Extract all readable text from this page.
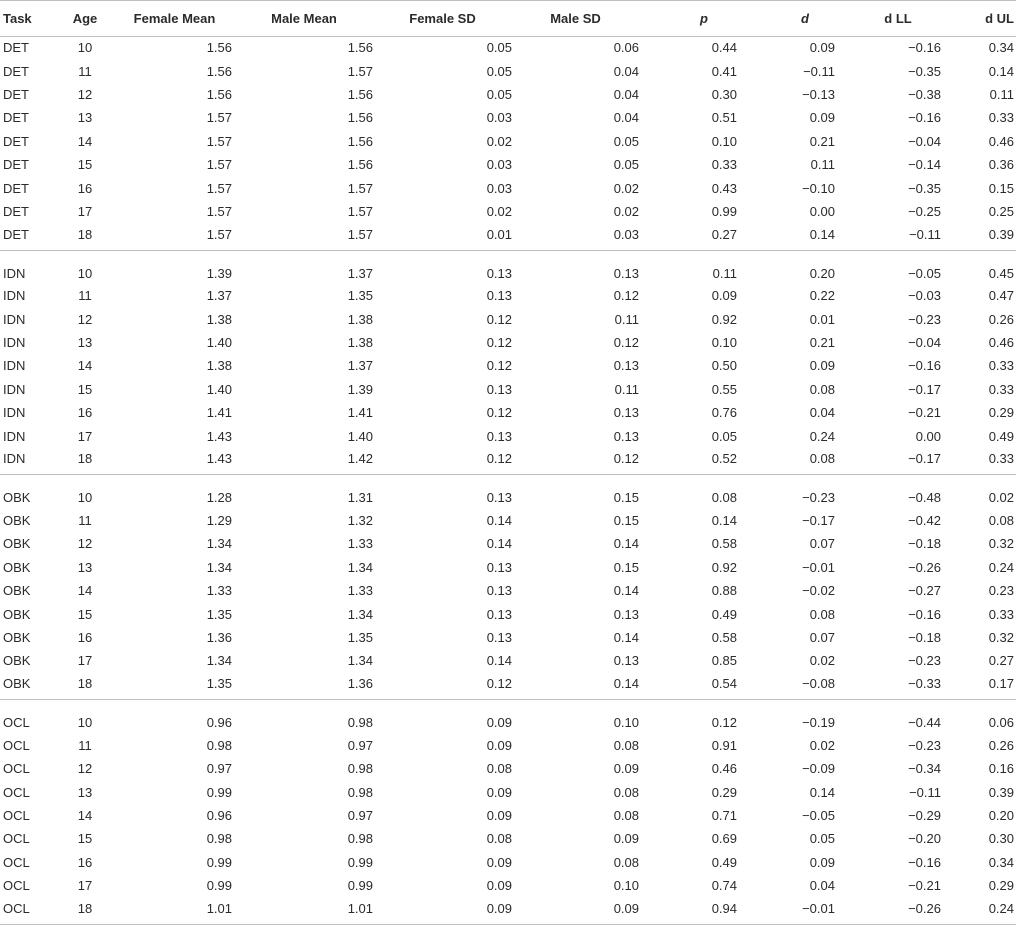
Task	Age	Female Mean	Male Mean	Female SD	Male SD	p	d	d LL	d UL
DET	10	1.56	1.56	0.05	0.06	0.44	0.09	−0.16	0.34
DET	11	1.56	1.57	0.05	0.04	0.41	−0.11	−0.35	0.14
DET	12	1.56	1.56	0.05	0.04	0.30	−0.13	−0.38	0.11
DET	13	1.57	1.56	0.03	0.04	0.51	0.09	−0.16	0.33
DET	14	1.57	1.56	0.02	0.05	0.10	0.21	−0.04	0.46
DET	15	1.57	1.56	0.03	0.05	0.33	0.11	−0.14	0.36
DET	16	1.57	1.57	0.03	0.02	0.43	−0.10	−0.35	0.15
DET	17	1.57	1.57	0.02	0.02	0.99	0.00	−0.25	0.25
DET	18	1.57	1.57	0.01	0.03	0.27	0.14	−0.11	0.39
IDN	10	1.39	1.37	0.13	0.13	0.11	0.20	−0.05	0.45
IDN	11	1.37	1.35	0.13	0.12	0.09	0.22	−0.03	0.47
IDN	12	1.38	1.38	0.12	0.11	0.92	0.01	−0.23	0.26
IDN	13	1.40	1.38	0.12	0.12	0.10	0.21	−0.04	0.46
IDN	14	1.38	1.37	0.12	0.13	0.50	0.09	−0.16	0.33
IDN	15	1.40	1.39	0.13	0.11	0.55	0.08	−0.17	0.33
IDN	16	1.41	1.41	0.12	0.13	0.76	0.04	−0.21	0.29
IDN	17	1.43	1.40	0.13	0.13	0.05	0.24	0.00	0.49
IDN	18	1.43	1.42	0.12	0.12	0.52	0.08	−0.17	0.33
OBK	10	1.28	1.31	0.13	0.15	0.08	−0.23	−0.48	0.02
OBK	11	1.29	1.32	0.14	0.15	0.14	−0.17	−0.42	0.08
OBK	12	1.34	1.33	0.14	0.14	0.58	0.07	−0.18	0.32
OBK	13	1.34	1.34	0.13	0.15	0.92	−0.01	−0.26	0.24
OBK	14	1.33	1.33	0.13	0.14	0.88	−0.02	−0.27	0.23
OBK	15	1.35	1.34	0.13	0.13	0.49	0.08	−0.16	0.33
OBK	16	1.36	1.35	0.13	0.14	0.58	0.07	−0.18	0.32
OBK	17	1.34	1.34	0.14	0.13	0.85	0.02	−0.23	0.27
OBK	18	1.35	1.36	0.12	0.14	0.54	−0.08	−0.33	0.17
OCL	10	0.96	0.98	0.09	0.10	0.12	−0.19	−0.44	0.06
OCL	11	0.98	0.97	0.09	0.08	0.91	0.02	−0.23	0.26
OCL	12	0.97	0.98	0.08	0.09	0.46	−0.09	−0.34	0.16
OCL	13	0.99	0.98	0.09	0.08	0.29	0.14	−0.11	0.39
OCL	14	0.96	0.97	0.09	0.08	0.71	−0.05	−0.29	0.20
OCL	15	0.98	0.98	0.08	0.09	0.69	0.05	−0.20	0.30
OCL	16	0.99	0.99	0.09	0.08	0.49	0.09	−0.16	0.34
OCL	17	0.99	0.99	0.09	0.10	0.74	0.04	−0.21	0.29
OCL	18	1.01	1.01	0.09	0.09	0.94	−0.01	−0.26	0.24
